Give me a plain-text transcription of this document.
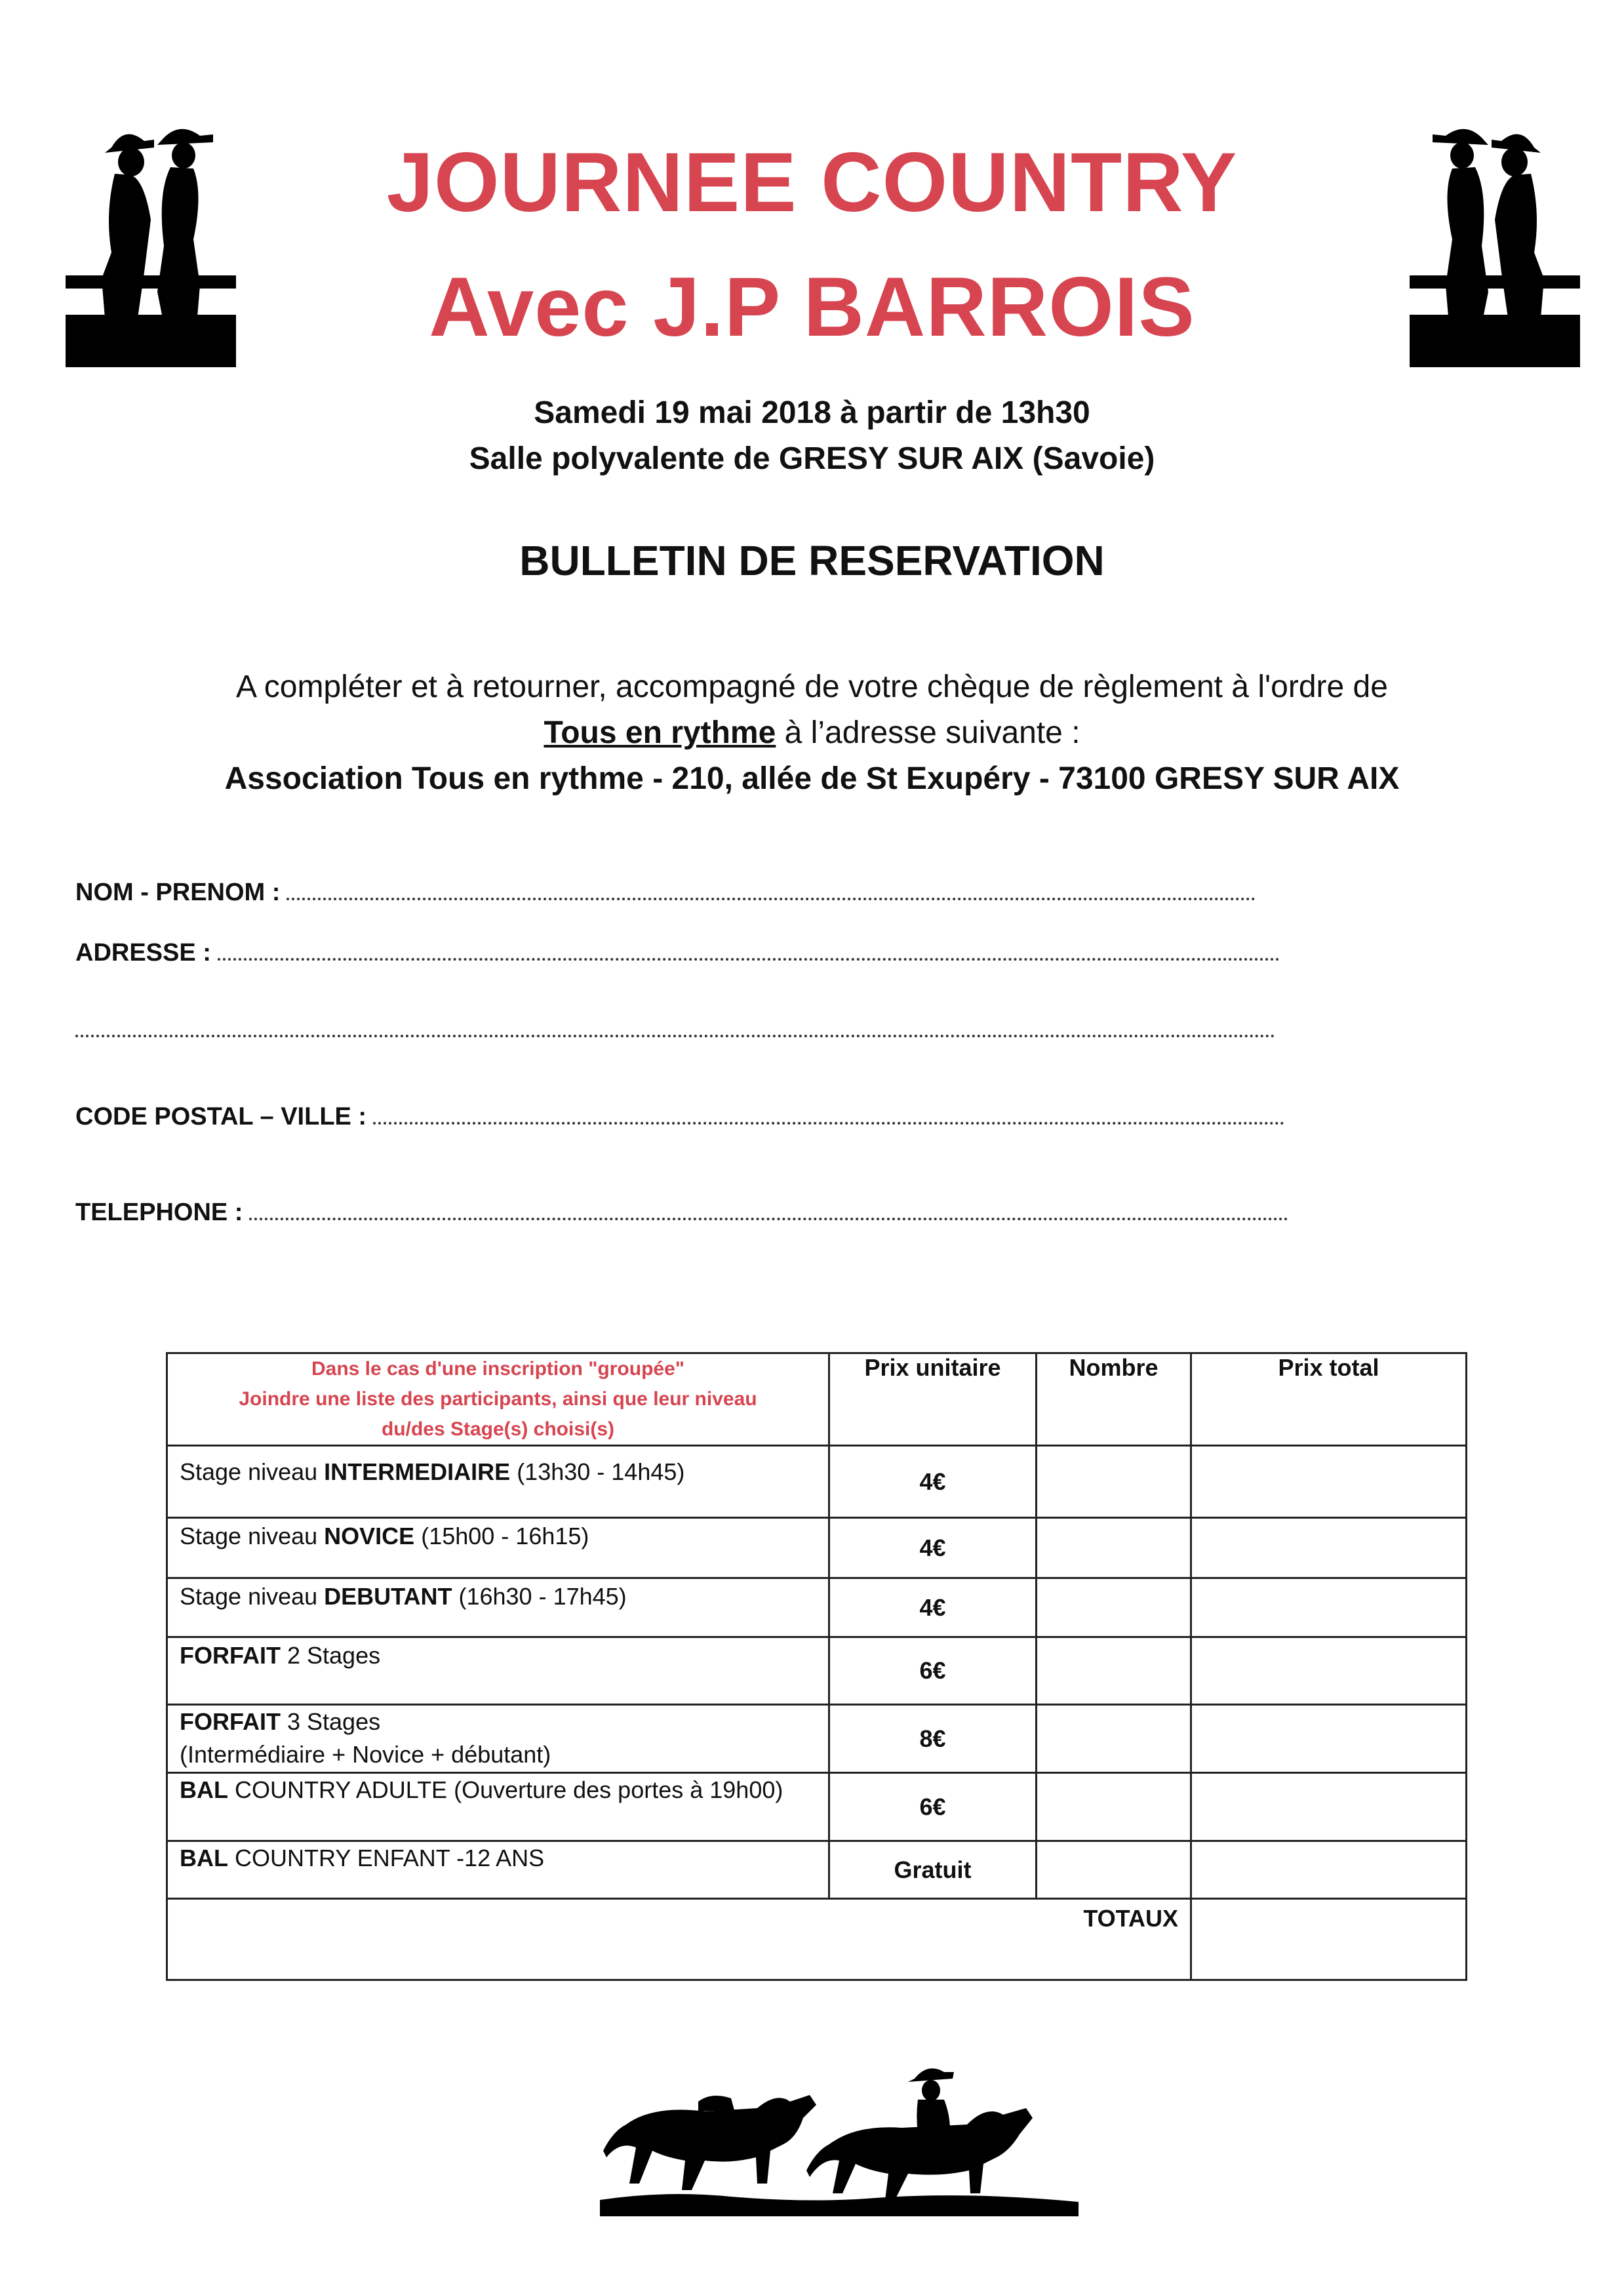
JOURNEE COUNTRY
Avec J.P BARROIS
Samedi 19 mai 2018 à partir de 13h30
Salle polyvalente de GRESY SUR AIX (Savoie)
BULLETIN DE RESERVATION
A compléter et à retourner, accompagné de votre chèque de règlement à l'ordre de
Tous en rythme à l’adresse suivante :
Association Tous en rythme - 210, allée de St Exupéry - 73100 GRESY SUR AIX
NOM - PRENOM :
ADRESSE :
CODE POSTAL – VILLE :
TELEPHONE :
Dans le cas d'une inscription "groupée"
Joindre une liste des participants, ainsi que leur niveau
du/des Stage(s) choisi(s)	Prix unitaire	Nombre	Prix total
Stage niveau INTERMEDIAIRE (13h30 - 14h45)	4€		
Stage niveau NOVICE (15h00 - 16h15)	4€		
Stage niveau DEBUTANT (16h30 - 17h45)	4€		
FORFAIT 2 Stages	6€		

FORFAIT 3 Stages
(Intermédiaire + Novice + débutant)	8€		
BAL COUNTRY ADULTE (Ouverture des portes à 19h00)	6€		
BAL COUNTRY ENFANT -12 ANS	Gratuit		
TOTAUX			
